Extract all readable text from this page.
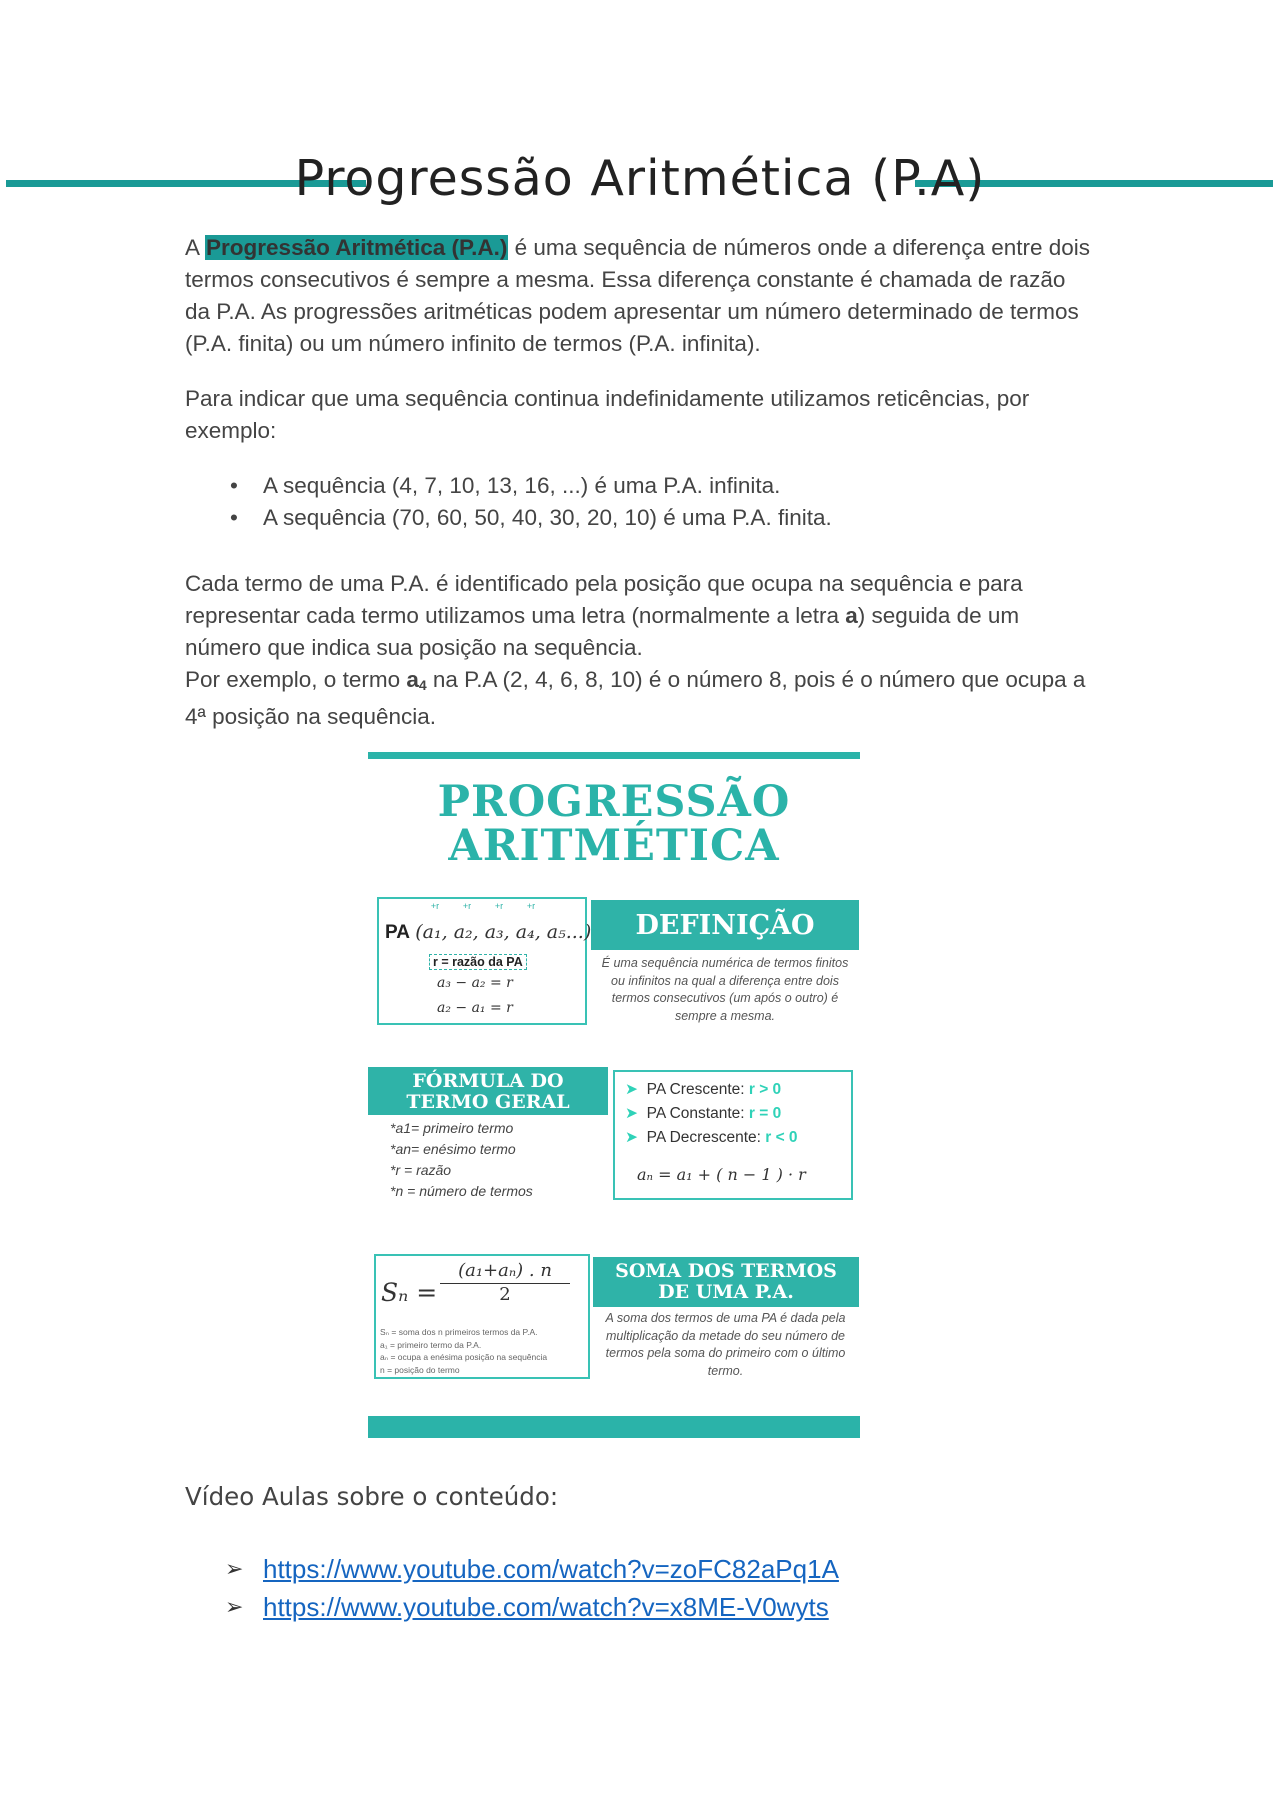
Progressão Aritmética (P.A)

A Progressão Aritmética (P.A.) é uma sequência de números onde a diferença entre dois termos consecutivos é sempre a mesma. Essa diferença constante é chamada de razão da P.A. As progressões aritméticas podem apresentar um número determinado de termos (P.A. finita) ou um número infinito de termos (P.A. infinita).

Para indicar que uma sequência continua indefinidamente utilizamos reticências, por exemplo:

• A sequência (4, 7, 10, 13, 16, ...) é uma P.A. infinita.
• A sequência (70, 60, 50, 40, 30, 20, 10) é uma P.A. finita.

Cada termo de uma P.A. é identificado pela posição que ocupa na sequência e para representar cada termo utilizamos uma letra (normalmente a letra a) seguida de um número que indica sua posição na sequência.
Por exemplo, o termo $a_4$ na P.A (2, 4, 6, 8, 10) é o número 8, pois é o número que ocupa a 4ª posição na sequência.

PROGRESSÃO
ARITMÉTICA
+r	+r	+r	+r
PA (a₁, a₂, a₃, a₄, a₅...)
r = razão da PA
a₃ − a₂ = r
a₂ − a₁ = r
DEFINIÇÃO
É uma sequência numérica de termos finitos ou infinitos na qual a diferença entre dois termos consecutivos (um após o outro) é sempre a mesma.
FÓRMULA DO
TERMO GERAL
*a1= primeiro termo
*an= enésimo termo
*r = razão
*n = número de termos
➤ PA Crescente: r > 0
➤ PA Constante: r = 0
➤ PA Decrescente: r < 0
aₙ = a₁ + ( n − 1 ) · r
$S_n = \frac{\text{(a₁+aₙ) . n}}{2}$
Sₙ = soma dos n primeiros termos da P.A.
a₁ = primeiro termo da P.A.
aₙ = ocupa a enésima posição na sequência
n = posição do termo
SOMA DOS TERMOS
DE UMA P.A.
A soma dos termos de uma PA é dada pela multiplicação da metade do seu número de termos pela soma do primeiro com o último termo.
Vídeo Aulas sobre o conteúdo:
➢ https://www.youtube.com/watch?v=zoFC82aPq1A
➢ https://www.youtube.com/watch?v=x8ME-V0wyts
